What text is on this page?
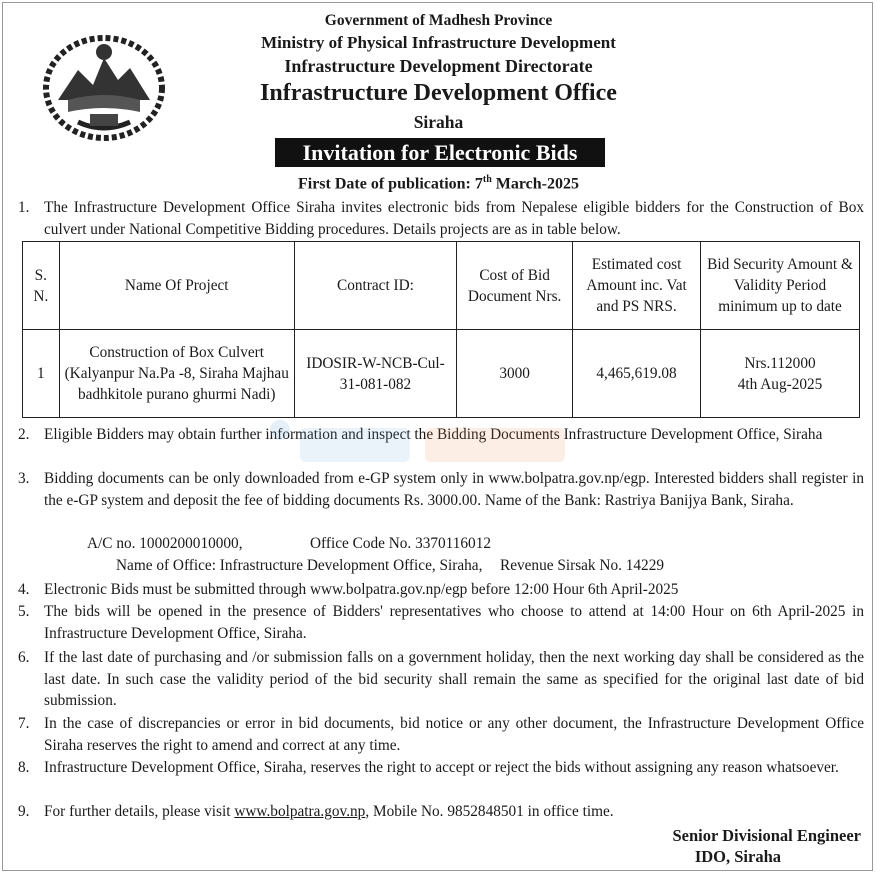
Government of Madhesh Province
Ministry of Physical Infrastructure Development
Infrastructure Development Directorate
Infrastructure Development Office
Siraha
Invitation for Electronic Bids
First Date of publication: 7th March-2025
1. The Infrastructure Development Office Siraha invites electronic bids from Nepalese eligible bidders for the Construction of Box culvert under National Competitive Bidding procedures. Details projects are as in table below.
S. N.	Name Of Project	Contract ID:	Cost of Bid Document Nrs.	Estimated cost Amount inc. Vat and PS NRS.	Bid Security Amount & Validity Period minimum up to date
1	Construction of Box Culvert (Kalyanpur Na.Pa -8, Siraha Majhau badhkitole purano ghurmi Nadi)	IDOSIR-W-NCB-Cul-31-081-082	3000	4,465,619.08	Nrs.112000
4th Aug-2025
2. Eligible Bidders may obtain further information and inspect the Bidding Documents Infrastructure Development Office, Siraha
3. Bidding documents can be only downloaded from e-GP system only in www.bolpatra.gov.np/egp. Interested bidders shall register in the e-GP system and deposit the fee of bidding documents Rs. 3000.00. Name of the Bank: Rastriya Banijya Bank, Siraha.
A/C no. 1000200010000,	Office Code No. 3370116012
Name of Office: Infrastructure Development Office, Siraha, Revenue Sirsak No. 14229
4. Electronic Bids must be submitted through www.bolpatra.gov.np/egp before 12:00 Hour 6th April-2025
5. The bids will be opened in the presence of Bidders' representatives who choose to attend at 14:00 Hour on 6th April-2025 in Infrastructure Development Office, Siraha.
6. If the last date of purchasing and /or submission falls on a government holiday, then the next working day shall be considered as the last date. In such case the validity period of the bid security shall remain the same as specified for the original last date of bid submission.
7. In the case of discrepancies or error in bid documents, bid notice or any other document, the Infrastructure Development Office Siraha reserves the right to amend and correct at any time.
8. Infrastructure Development Office, Siraha, reserves the right to accept or reject the bids without assigning any reason whatsoever.
9. For further details, please visit www.bolpatra.gov.np, Mobile No. 9852848501 in office time.
Senior Divisional Engineer
IDO, Siraha
